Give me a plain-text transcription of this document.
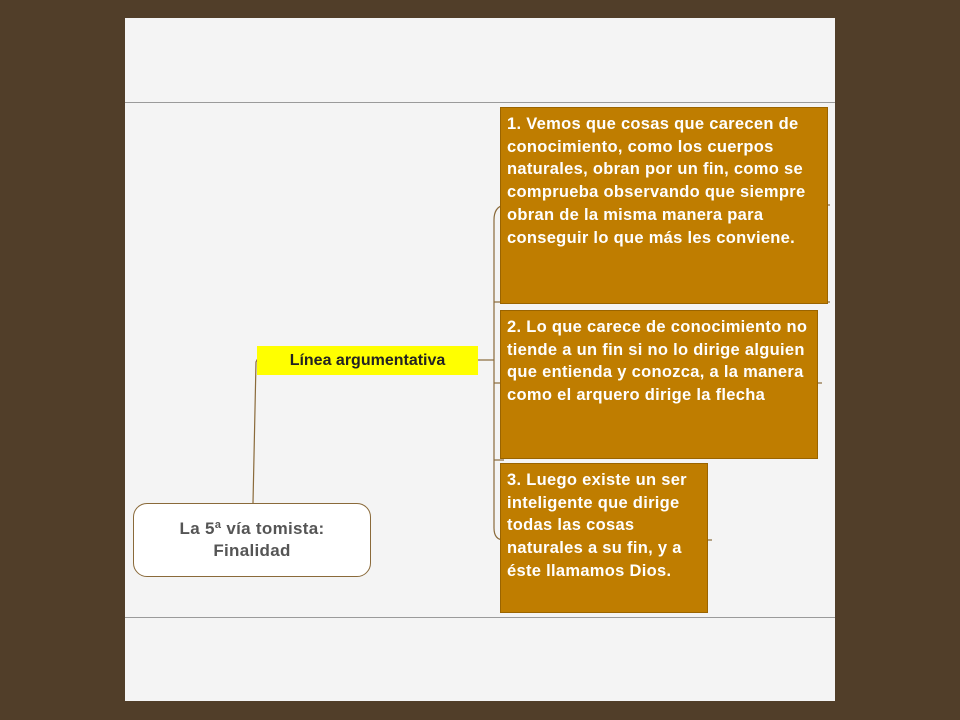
La 5ª vía tomista:
Finalidad
Línea argumentativa
1. Vemos que cosas que carecen de conocimiento, como los cuerpos naturales, obran por un fin, como se comprueba observando que siempre obran de la misma manera para conseguir lo que más les conviene.
2. Lo que carece de conocimiento no tiende a un fin si no lo dirige alguien que entienda y conozca, a la manera como el arquero dirige la flecha
3. Luego existe un ser inteligente que dirige todas las cosas naturales a su fin, y a éste llamamos Dios.
